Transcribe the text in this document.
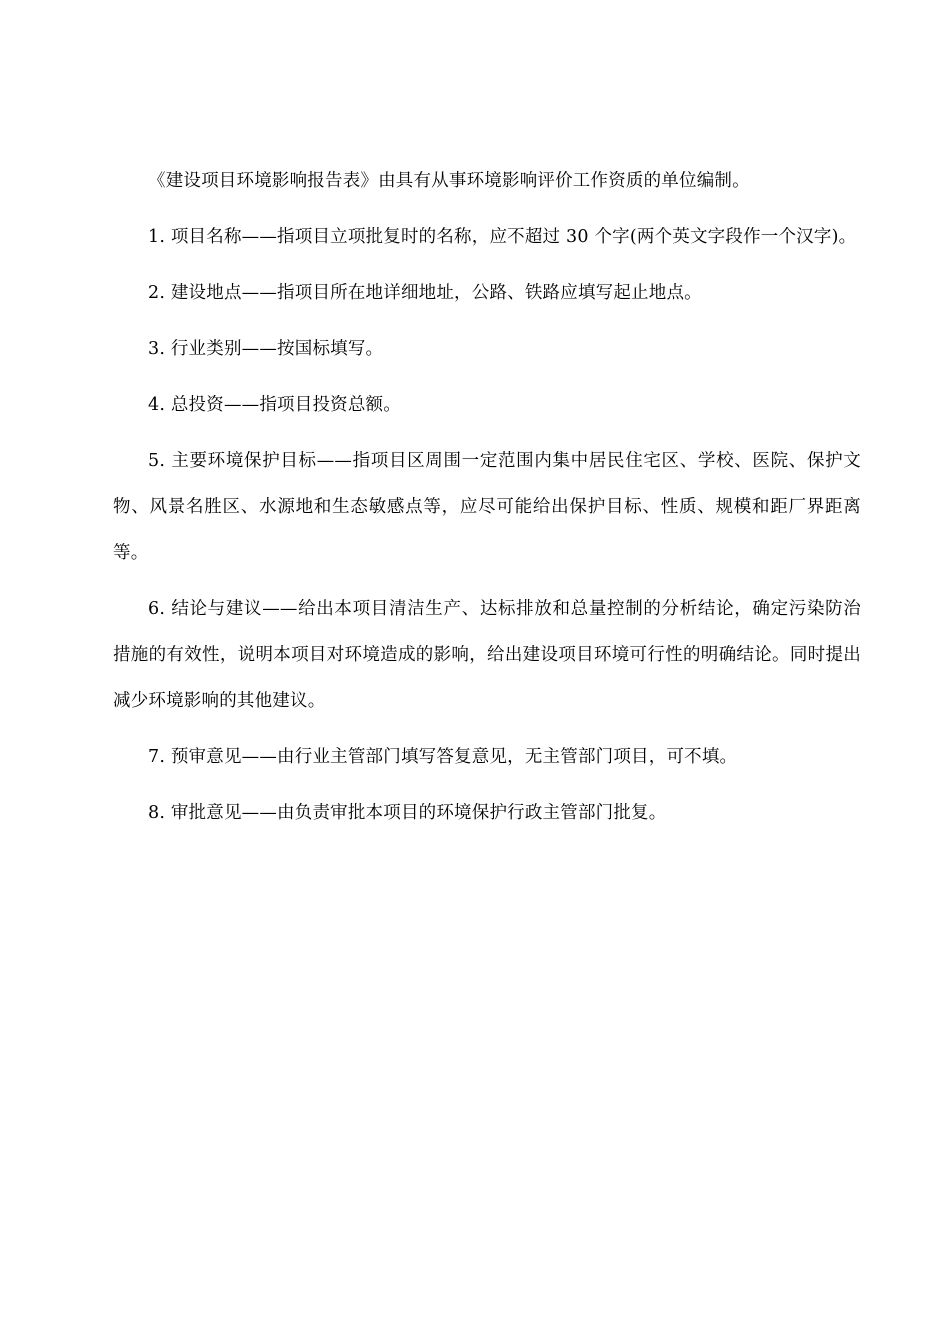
《建设项目环境影响报告表》由具有从事环境影响评价工作资质的单位编制。

1. 项目名称——指项目立项批复时的名称，应不超过 30 个字(两个英文字段作一个汉字)。

2. 建设地点——指项目所在地详细地址，公路、铁路应填写起止地点。

3. 行业类别——按国标填写。

4. 总投资——指项目投资总额。

5. 主要环境保护目标——指项目区周围一定范围内集中居民住宅区、学校、医院、保护文物、风景名胜区、水源地和生态敏感点等，应尽可能给出保护目标、性质、规模和距厂界距离等。

6. 结论与建议——给出本项目清洁生产、达标排放和总量控制的分析结论，确定污染防治措施的有效性，说明本项目对环境造成的影响，给出建设项目环境可行性的明确结论。同时提出减少环境影响的其他建议。

7. 预审意见——由行业主管部门填写答复意见，无主管部门项目，可不填。

8. 审批意见——由负责审批本项目的环境保护行政主管部门批复。
